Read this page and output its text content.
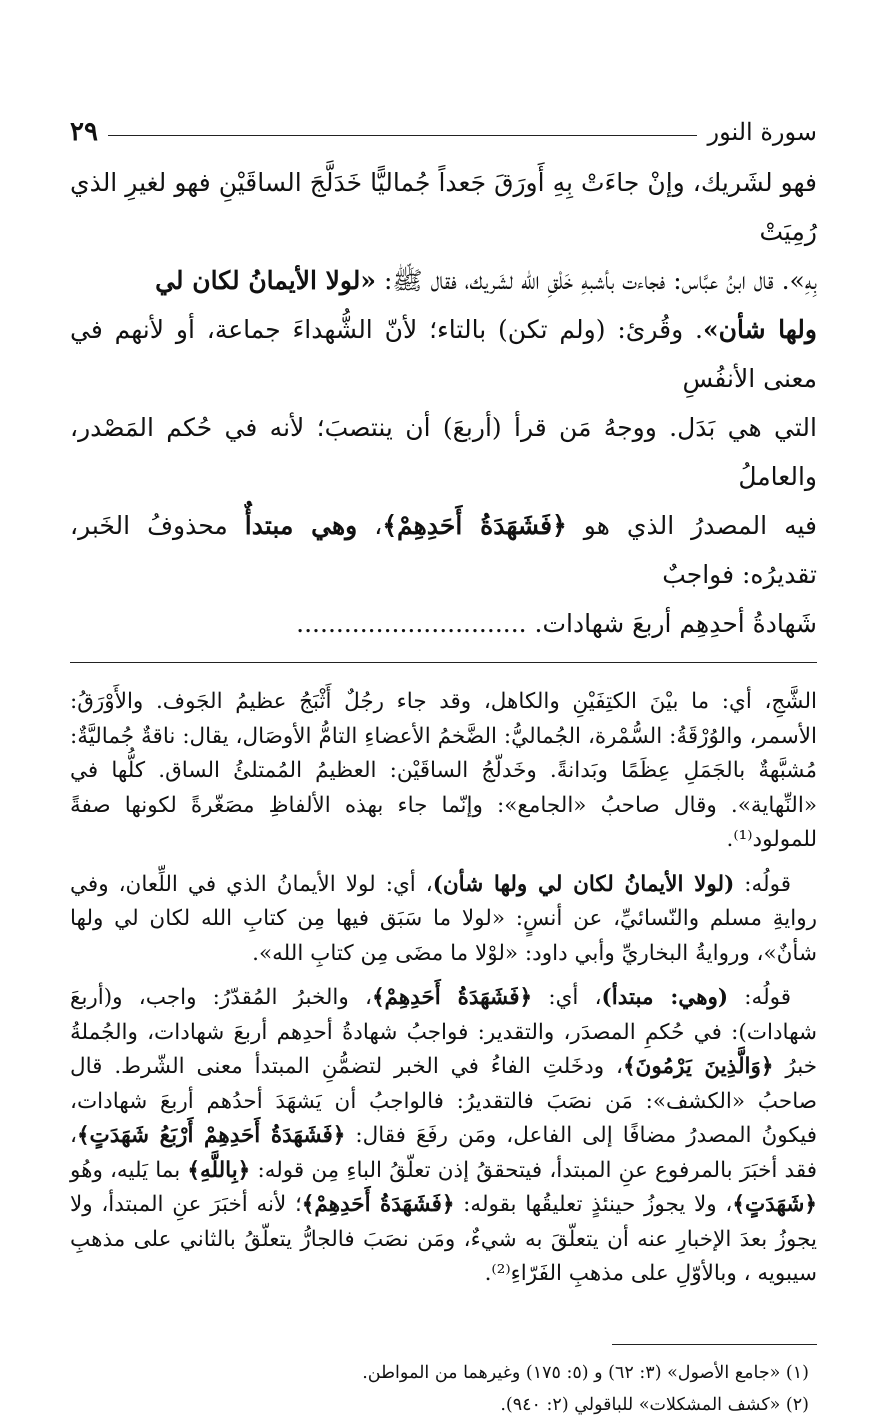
سورة النور
٢٩

فهو لشَريك، وإنْ جاءَتْ بِهِ أَورَقَ جَعداً جُماليًّا خَدَلَّجَ الساقَيْنِ فهو لغيرِ الذي رُمِيَتْ

بِهِ». قال ابنُ عبَّاس: فجاءت بأشبهِ خَلْقِ الله لشَريك، فقال ﷺ: «لولا الأيمانُ لكان لي

ولها شأن». وقُرئ: (ولم تكن) بالتاء؛ لأنّ الشُّهداءَ جماعة، أو لأنهم في معنى الأنفُسِ

التي هي بَدَل. ووجهُ مَن قرأ (أربعَ) أن ينتصبَ؛ لأنه في حُكم المَصْدر، والعاملُ

فيه المصدرُ الذي هو ﴿فَشَهَدَةُ أَحَدِهِمْ﴾، وهي مبتدأٌ محذوفُ الخَبر، تقديرُه: فواجبٌ

شَهادةُ أحدِهِم أربعَ شهادات. .............................

الشَّجِ، أي: ما بيْنَ الكتِفَيْنِ والكاهل، وقد جاء رجُلٌ أَثْبَجُ عظيمُ الجَوف. والأَوْرَقُ: الأسمر، والوُرْقَةُ: السُّمْرة، الجُماليُّ: الضَّخمُ الأعضاءِ التامُّ الأوصَال، يقال: ناقةٌ جُماليَّةٌ: مُشبَّهةٌ بالجَمَلِ عِظَمًا وبَدانةً. وخَدلّجُ الساقَيْن: العظيمُ المُمتلئُ الساق. كلُّها في «النِّهاية». وقال صاحبُ «الجامع»: وإنّما جاء بهذه الألفاظِ مصَغّرةً لكونها صفةً للمولود⁽¹⁾.

قولُه: (لولا الأيمانُ لكان لي ولها شأن)، أي: لولا الأيمانُ الذي في اللِّعان، وفي روايةِ مسلم والنّسائيِّ، عن أنسٍ: «لولا ما سَبَق فيها مِن كتابِ الله لكان لي ولها شأنٌ»، وروايةُ البخاريِّ وأبي داود: «لوْلا ما مضَى مِن كتابِ الله».

قولُه: (وهي: مبتدأ)، أي: ﴿فَشَهَدَةُ أَحَدِهِمْ﴾، والخبرُ المُقدّرُ: واجب، و(أربعَ شهادات): في حُكمِ المصدَر، والتقدير: فواجبُ شهادةُ أحدِهم أربعَ شهادات، والجُملةُ خبرُ ﴿وَالَّذِينَ يَرْمُونَ﴾، ودخَلتِ الفاءُ في الخبر لتضمُّنِ المبتدأ معنى الشّرط. قال صاحبُ «الكشف»: مَن نصَبَ فالتقديرُ: فالواجبُ أن يَشهَدَ أحدُهم أربعَ شهادات، فيكونُ المصدرُ مضافًا إلى الفاعل، ومَن رفَعَ فقال: ﴿فَشَهَدَةُ أَحَدِهِمْ أَرْبَعُ شَهَدَتٍ﴾، فقد أخبَرَ بالمرفوع عنِ المبتدأ، فيتحققُ إذن تعلّقُ الباءِ مِن قوله: ﴿بِاللَّهِ﴾ بما يَليه، وهُو ﴿شَهَدَتٍ﴾، ولا يجوزُ حينئذٍ تعليقُها بقوله: ﴿فَشَهَدَةُ أَحَدِهِمْ﴾؛ لأنه أخبَرَ عنِ المبتدأ، ولا يجوزُ بعدَ الإخبارِ عنه أن يتعلّقَ به شيءٌ، ومَن نصَبَ فالجارُّ يتعلّقُ بالثاني على مذهبِ سيبويه ، وبالأوّلِ على مذهبِ الفَرّاءِ⁽²⁾.

(١) «جامع الأصول» (٣: ٦٢) و (٥: ١٧٥) وغيرهما من المواطن.

(٢) «كشف المشكلات» للباقولي (٢: ٩٤٠).
